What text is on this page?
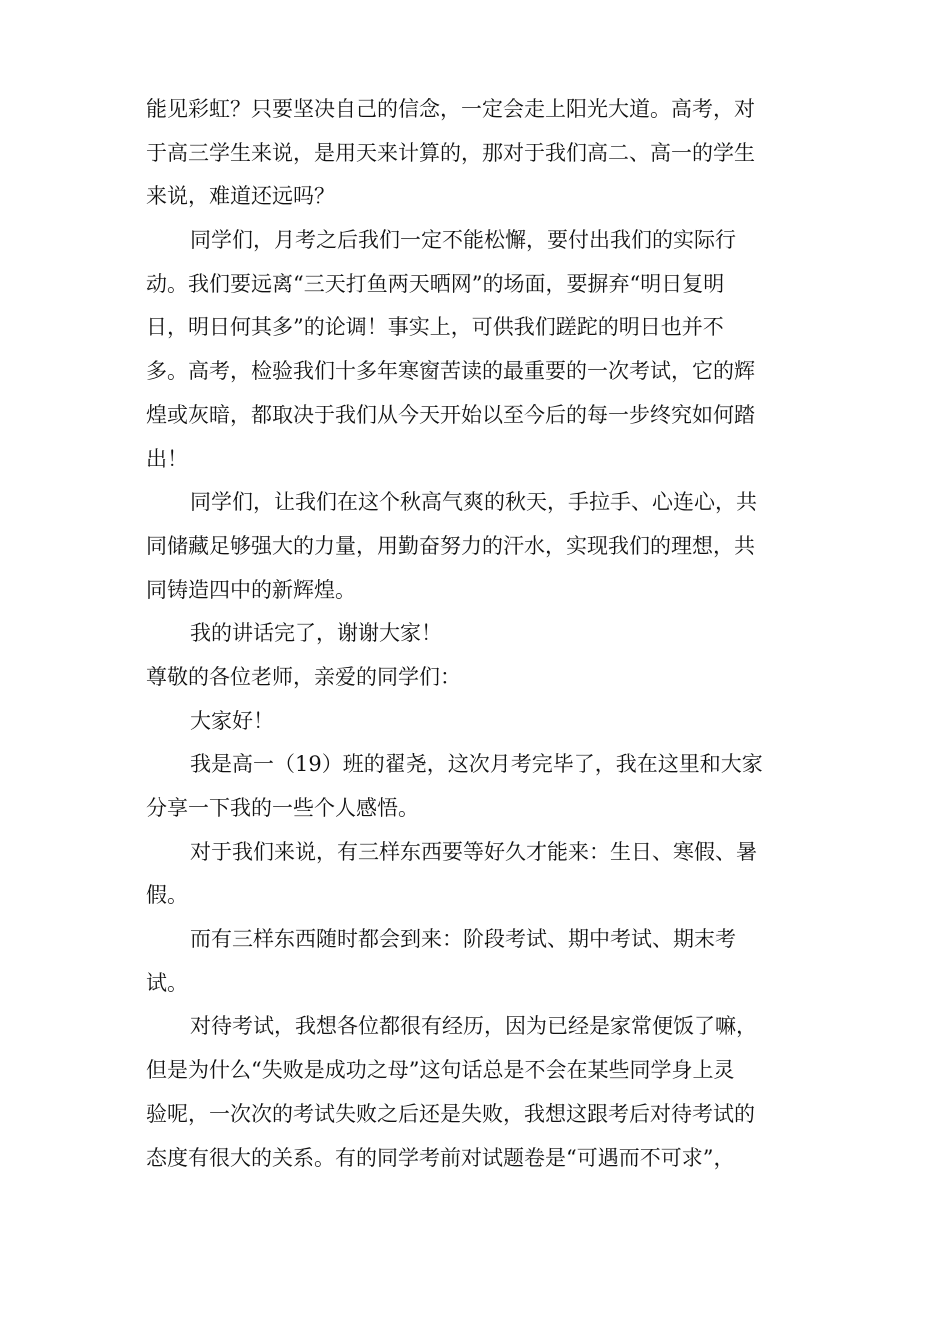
能见彩虹？只要坚决自己的信念，一定会走上阳光大道。高考，对
于高三学生来说，是用天来计算的，那对于我们高二、高一的学生
来说，难道还远吗？
同学们，月考之后我们一定不能松懈，要付出我们的实际行
动。我们要远离“三天打鱼两天晒网”的场面，要摒弃“明日复明
日，明日何其多”的论调！事实上，可供我们蹉跎的明日也并不
多。高考，检验我们十多年寒窗苦读的最重要的一次考试，它的辉
煌或灰暗，都取决于我们从今天开始以至今后的每一步终究如何踏
出！
同学们，让我们在这个秋高气爽的秋天，手拉手、心连心，共
同储藏足够强大的力量，用勤奋努力的汗水，实现我们的理想，共
同铸造四中的新辉煌。
我的讲话完了，谢谢大家！
尊敬的各位老师，亲爱的同学们：
大家好！
我是高一（19）班的翟尧，这次月考完毕了，我在这里和大家
分享一下我的一些个人感悟。
对于我们来说，有三样东西要等好久才能来：生日、寒假、暑
假。
而有三样东西随时都会到来：阶段考试、期中考试、期末考
试。
对待考试，我想各位都很有经历，因为已经是家常便饭了嘛，
但是为什么“失败是成功之母”这句话总是不会在某些同学身上灵
验呢，一次次的考试失败之后还是失败，我想这跟考后对待考试的
态度有很大的关系。有的同学考前对试题卷是“可遇而不可求”，
